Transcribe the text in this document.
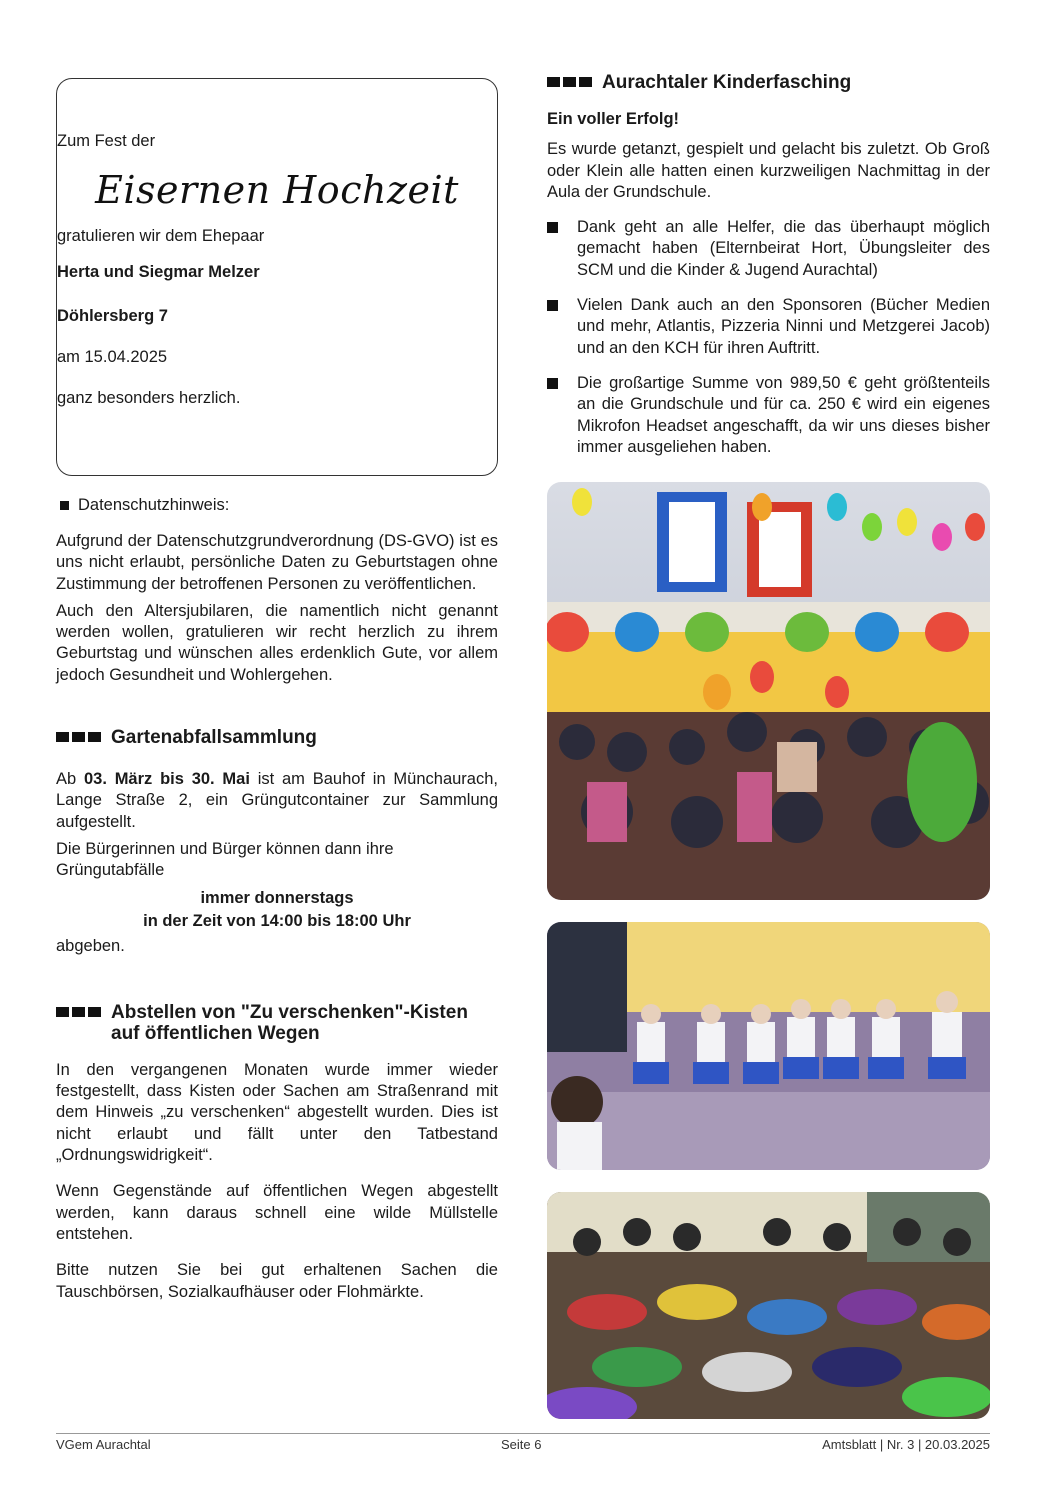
Zum Fest der

Eisernen Hochzeit

gratulieren wir dem Ehepaar

Herta und Siegmar Melzer

Döhlersberg 7

am 15.04.2025

ganz besonders herzlich.

Datenschutzhinweis:

Aufgrund der Datenschutzgrundverordnung (DS-GVO) ist es uns nicht erlaubt, persönliche Daten zu Geburtstagen ohne Zustimmung der betroffenen Personen zu veröffentlichen.

Auch den Altersjubilaren, die namentlich nicht genannt werden wollen, gratulieren wir recht herzlich zu ihrem Geburtstag und wünschen alles erdenklich Gute, vor allem jedoch Gesundheit und Wohlergehen.

Gartenabfallsammlung

Ab 03. März bis 30. Mai ist am Bauhof in Münchaurach, Lange Straße 2, ein Grüngutcontainer zur Sammlung aufgestellt.

Die Bürgerinnen und Bürger können dann ihre Grüngutabfälle

immer donnerstags
in der Zeit von 14:00 bis 18:00 Uhr

abgeben.

Abstellen von "Zu verschenken"-Kisten
auf öffentlichen Wegen

In den vergangenen Monaten wurde immer wieder festgestellt, dass Kisten oder Sachen am Straßenrand mit dem Hinweis „zu verschenken“ abgestellt wurden. Dies ist nicht erlaubt und fällt unter den Tatbestand „Ordnungswidrigkeit“.

Wenn Gegenstände auf öffentlichen Wegen abgestellt werden, kann daraus schnell eine wilde Müllstelle entstehen.

Bitte nutzen Sie bei gut erhaltenen Sachen die Tauschbörsen, Sozialkaufhäuser oder Flohmärkte.

Aurachtaler Kinderfasching

Ein voller Erfolg!

Es wurde getanzt, gespielt und gelacht bis zuletzt. Ob Groß oder Klein alle hatten einen kurzweiligen Nachmittag in der Aula der Grundschule.

Dank geht an alle Helfer, die das überhaupt möglich gemacht haben (Elternbeirat Hort, Übungsleiter des SCM und die Kinder & Jugend Aurachtal)

Vielen Dank auch an den Sponsoren (Bücher Medien und mehr, Atlantis, Pizzeria Ninni und Metzgerei Jacob) und an den KCH für ihren Auftritt.

Die großartige Summe von 989,50 € geht größtenteils an die Grundschule und für ca. 250 € wird ein eigenes Mikrofon Headset angeschafft, da wir uns dieses bisher immer ausgeliehen haben.

VGem Aurachtal	Seite 6	Amtsblatt | Nr. 3 | 20.03.2025
